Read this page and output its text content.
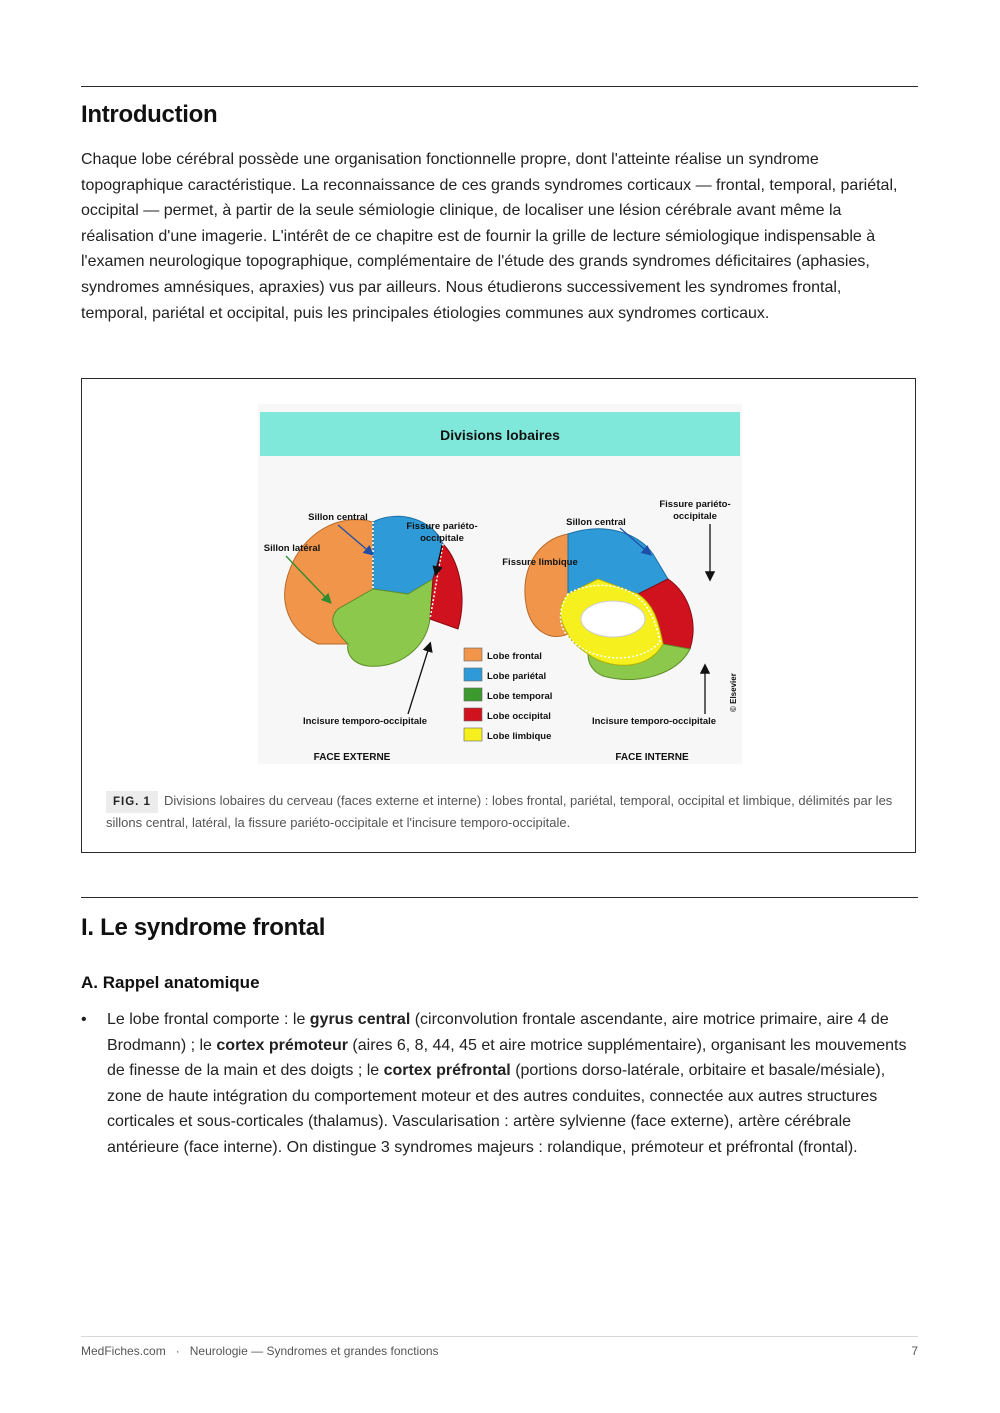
Introduction

Chaque lobe cérébral possède une organisation fonctionnelle propre, dont l'atteinte réalise un syndrome topographique caractéristique. La reconnaissance de ces grands syndromes corticaux — frontal, temporal, pariétal, occipital — permet, à partir de la seule sémiologie clinique, de localiser une lésion cérébrale avant même la réalisation d'une imagerie. L'intérêt de ce chapitre est de fournir la grille de lecture sémiologique indispensable à l'examen neurologique topographique, complémentaire de l'étude des grands syndromes déficitaires (aphasies, syndromes amnésiques, apraxies) vus par ailleurs. Nous étudierons successivement les syndromes frontal, temporal, pariétal et occipital, puis les principales étiologies communes aux syndromes corticaux.

Divisions lobaires
Sillon central
Sillon latéral
Fissure pariéto-
occipitale
Incisure temporo-occipitale
FACE EXTERNE
Fissure pariéto-
occipitale
Sillon central
Fissure limbique
Incisure temporo-occipitale
FACE INTERNE
Lobe frontal
Lobe pariétal
Lobe temporal
Lobe occipital
Lobe limbique
© Elsevier
FIG. 1 Divisions lobaires du cerveau (faces externe et interne) : lobes frontal, pariétal, temporal, occipital et limbique, délimités par les sillons central, latéral, la fissure pariéto-occipitale et l'incisure temporo-occipitale.
I. Le syndrome frontal
A. Rappel anatomique
• Le lobe frontal comporte : le gyrus central (circonvolution frontale ascendante, aire motrice primaire, aire 4 de Brodmann) ; le cortex prémoteur (aires 6, 8, 44, 45 et aire motrice supplémentaire), organisant les mouvements de finesse de la main et des doigts ; le cortex préfrontal (portions dorso-latérale, orbitaire et basale/mésiale), zone de haute intégration du comportement moteur et des autres conduites, connectée aux autres structures corticales et sous-corticales (thalamus). Vascularisation : artère sylvienne (face externe), artère cérébrale antérieure (face interne). On distingue 3 syndromes majeurs : rolandique, prémoteur et préfrontal (frontal).

MedFiches.com · Neurologie — Syndromes et grandes fonctions	7
